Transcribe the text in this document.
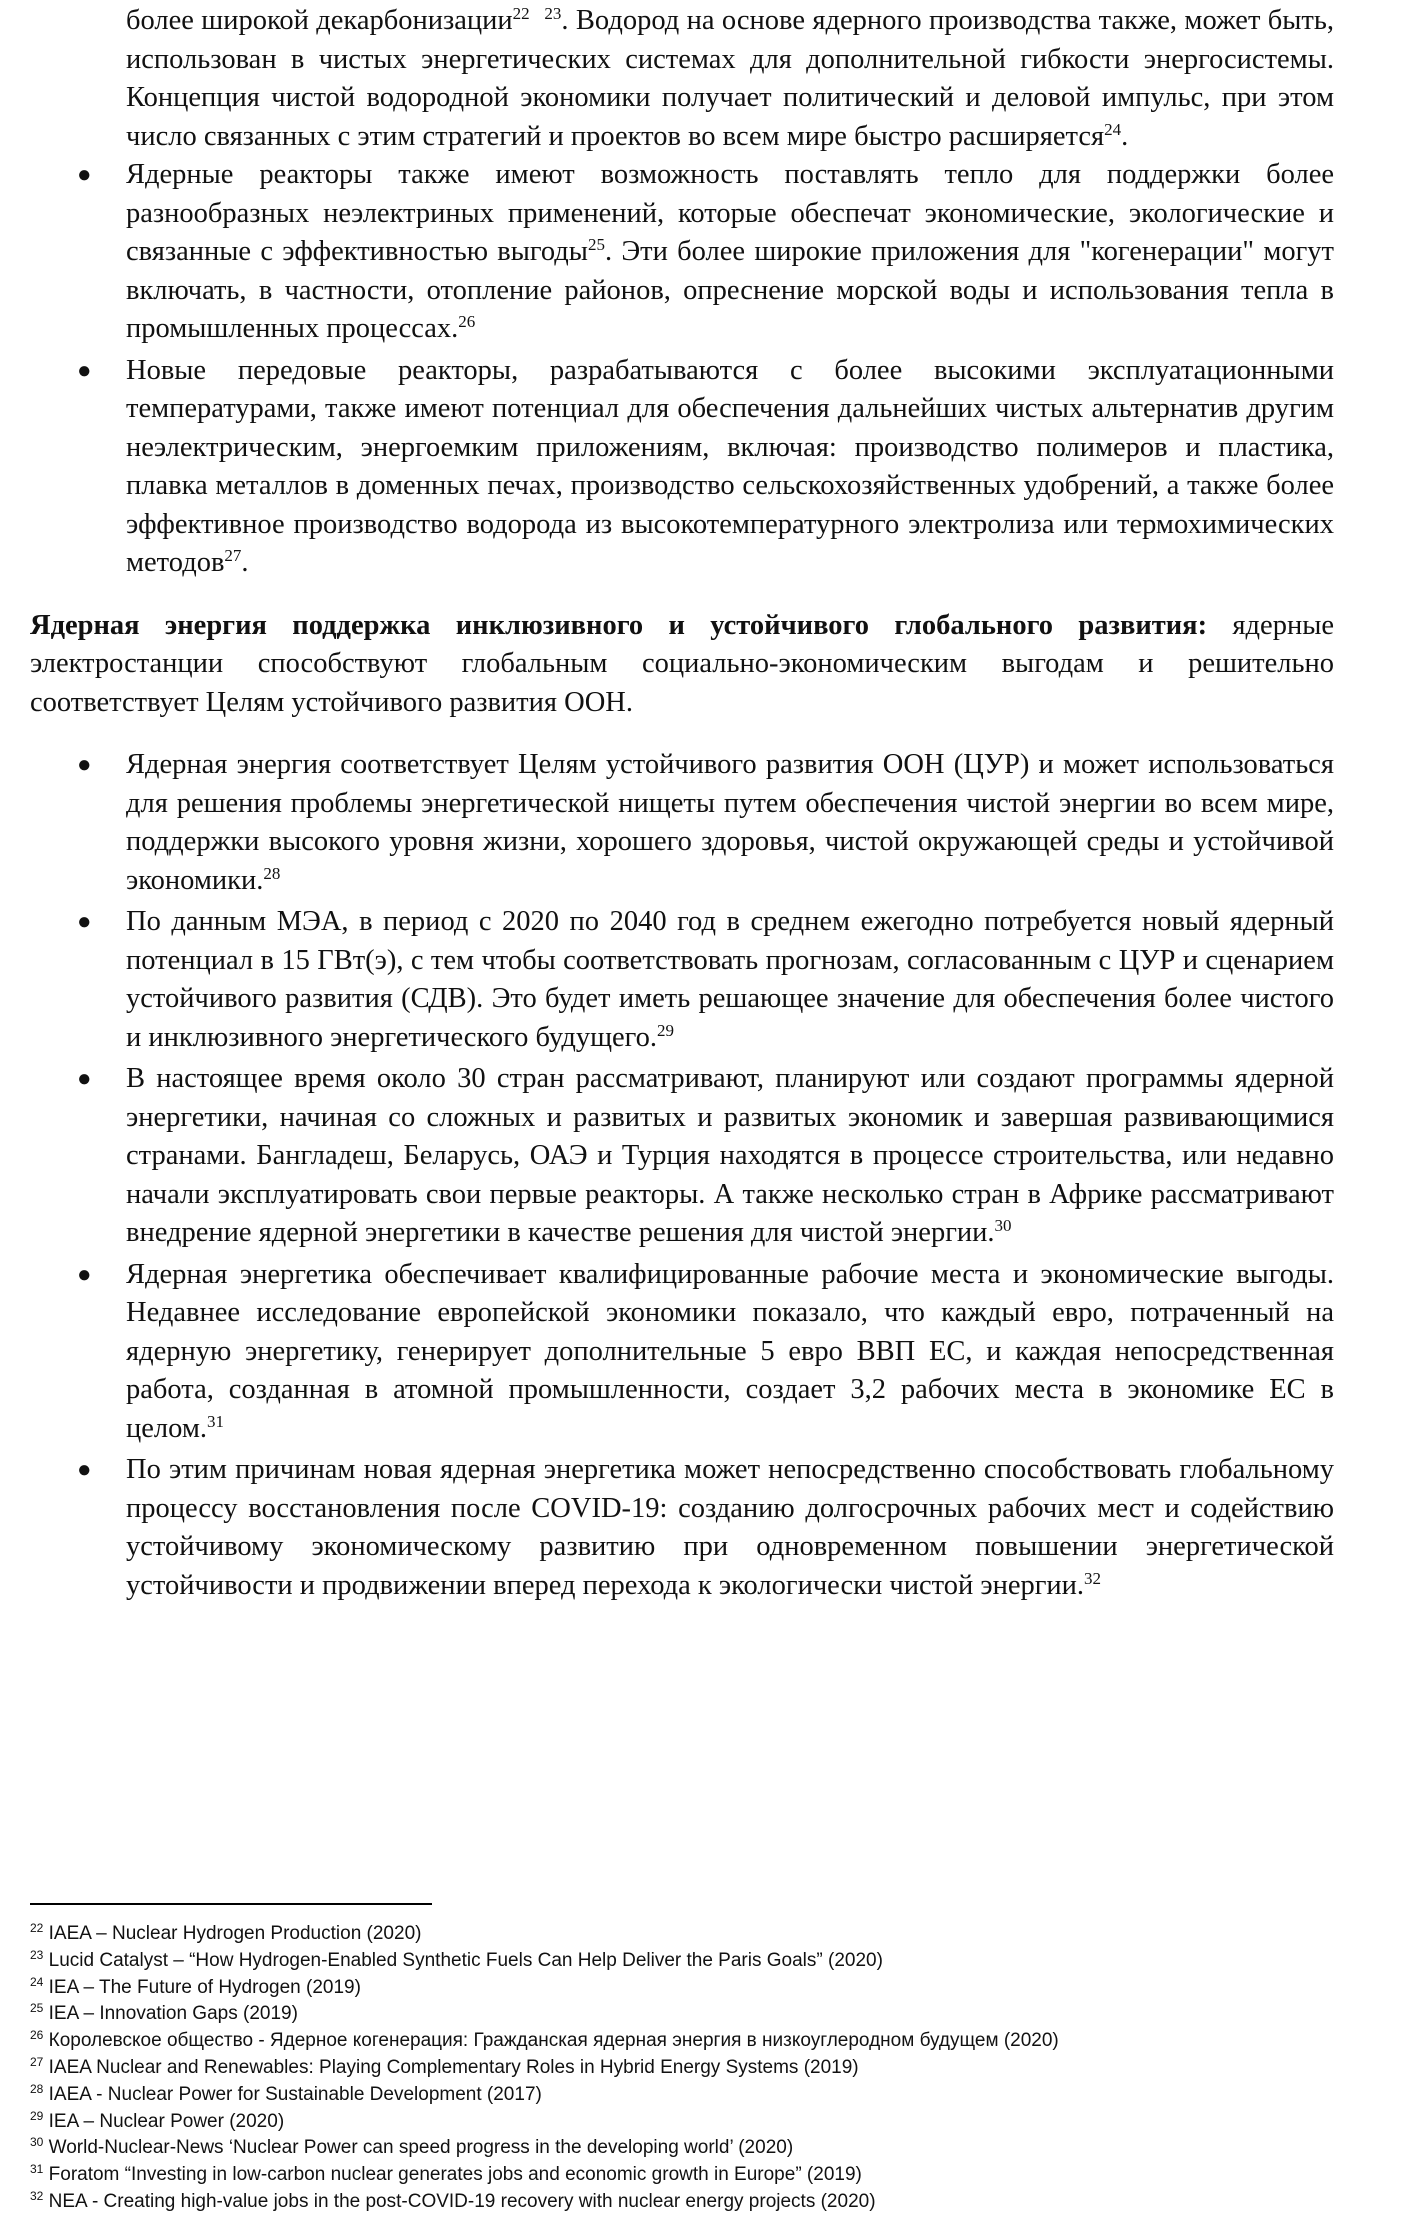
более широкой декарбонизации$^{22}$ $^{23}$. Водород на основе ядерного производства также, может быть, использован в чистых энергетических системах для дополнительной гибкости энергосистемы. Концепция чистой водородной экономики получает политический и деловой импульс, при этом число связанных с этим стратегий и проектов во всем мире быстро расширяется$^{24}$.

● Ядерные реакторы также имеют возможность поставлять тепло для поддержки более разнообразных неэлектриных применений, которые обеспечат экономические, экологические и связанные с эффективностью выгоды$^{25}$. Эти более широкие приложения для "когенерации" могут включать, в частности, отопление районов, опреснение морской воды и использования тепла в промышленных процессах.$^{26}$
● Новые передовые реакторы, разрабатываются с более высокими эксплуатационными температурами, также имеют потенциал для обеспечения дальнейших чистых альтернатив другим неэлектрическим, энергоемким приложениям, включая: производство полимеров и пластика, плавка металлов в доменных печах, производство сельскохозяйственных удобрений, а также более эффективное производство водорода из высокотемпературного электролиза или термохимических методов$^{27}$.

Ядерная энергия поддержка инклюзивного и устойчивого глобального развития: ядерные электростанции способствуют глобальным социально-экономическим выгодам и решительно соответствует Целям устойчивого развития ООН.

● Ядерная энергия соответствует Целям устойчивого развития ООН (ЦУР) и может использоваться для решения проблемы энергетической нищеты путем обеспечения чистой энергии во всем мире, поддержки высокого уровня жизни, хорошего здоровья, чистой окружающей среды и устойчивой экономики.$^{28}$
● По данным МЭА, в период с 2020 по 2040 год в среднем ежегодно потребуется новый ядерный потенциал в 15 ГВт(э), с тем чтобы соответствовать прогнозам, согласованным с ЦУР и сценарием устойчивого развития (СДВ). Это будет иметь решающее значение для обеспечения более чистого и инклюзивного энергетического будущего.$^{29}$
● В настоящее время около 30 стран рассматривают, планируют или создают программы ядерной энергетики, начиная со сложных и развитых и развитых экономик и завершая развивающимися странами. Бангладеш, Беларусь, ОАЭ и Турция находятся в процессе строительства, или недавно начали эксплуатировать свои первые реакторы. А также несколько стран в Африке рассматривают внедрение ядерной энергетики в качестве решения для чистой энергии.$^{30}$
● Ядерная энергетика обеспечивает квалифицированные рабочие места и экономические выгоды. Недавнее исследование европейской экономики показало, что каждый евро, потраченный на ядерную энергетику, генерирует дополнительные 5 евро ВВП ЕС, и каждая непосредственная работа, созданная в атомной промышленности, создает 3,2 рабочих места в экономике ЕС в целом.$^{31}$
● По этим причинам новая ядерная энергетика может непосредственно способствовать глобальному процессу восстановления после COVID-19: созданию долгосрочных рабочих мест и содействию устойчивому экономическому развитию при одновременном повышении энергетической устойчивости и продвижении вперед перехода к экологически чистой энергии.$^{32}$
$^{22}$ IAEA – Nuclear Hydrogen Production (2020)
$^{23}$ Lucid Catalyst – “How Hydrogen-Enabled Synthetic Fuels Can Help Deliver the Paris Goals” (2020)
$^{24}$ IEA – The Future of Hydrogen (2019)
$^{25}$ IEA – Innovation Gaps (2019)
$^{26}$ Королевское общество - Ядерное когенерация: Гражданская ядерная энергия в низкоуглеродном будущем (2020)
$^{27}$ IAEA Nuclear and Renewables: Playing Complementary Roles in Hybrid Energy Systems (2019)
$^{28}$ IAEA - Nuclear Power for Sustainable Development (2017)
$^{29}$ IEA – Nuclear Power (2020)
$^{30}$ World-Nuclear-News ‘Nuclear Power can speed progress in the developing world’ (2020)
$^{31}$ Foratom “Investing in low-carbon nuclear generates jobs and economic growth in Europe” (2019)
$^{32}$ NEA - Creating high-value jobs in the post-COVID-19 recovery with nuclear energy projects (2020)
